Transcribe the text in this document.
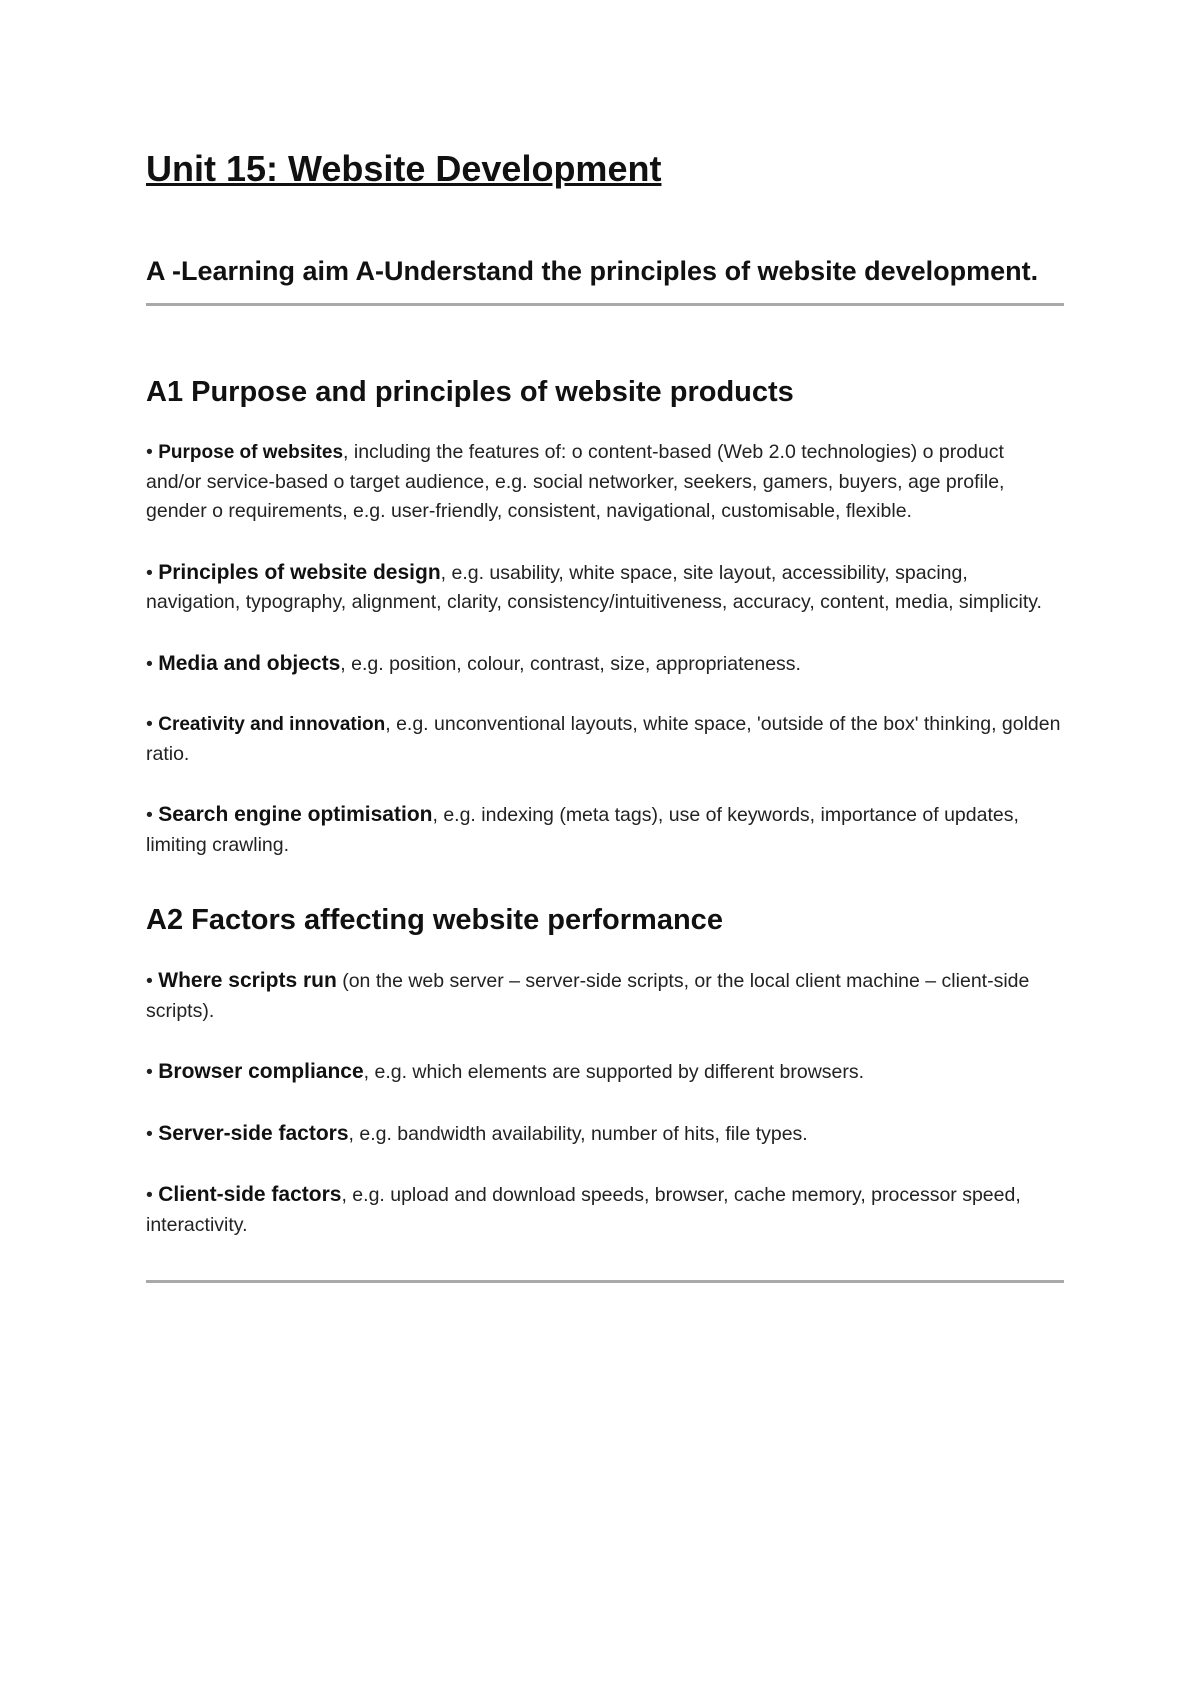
Unit 15: Website Development

A -Learning aim A-Understand the principles of website development.

A1 Purpose and principles of website products

• Purpose of websites, including the features of: o content-based (Web 2.0 technologies) o product and/or service-based o target audience, e.g. social networker, seekers, gamers, buyers, age profile, gender o requirements, e.g. user-friendly, consistent, navigational, customisable, flexible.

• Principles of website design, e.g. usability, white space, site layout, accessibility, spacing, navigation, typography, alignment, clarity, consistency/intuitiveness, accuracy, content, media, simplicity.

• Media and objects, e.g. position, colour, contrast, size, appropriateness.

• Creativity and innovation, e.g. unconventional layouts, white space, 'outside of the box' thinking, golden ratio.

• Search engine optimisation, e.g. indexing (meta tags), use of keywords, importance of updates, limiting crawling.

A2 Factors affecting website performance

• Where scripts run (on the web server – server-side scripts, or the local client machine – client-side scripts).

• Browser compliance, e.g. which elements are supported by different browsers.

• Server-side factors, e.g. bandwidth availability, number of hits, file types.

• Client-side factors, e.g. upload and download speeds, browser, cache memory, processor speed, interactivity.
